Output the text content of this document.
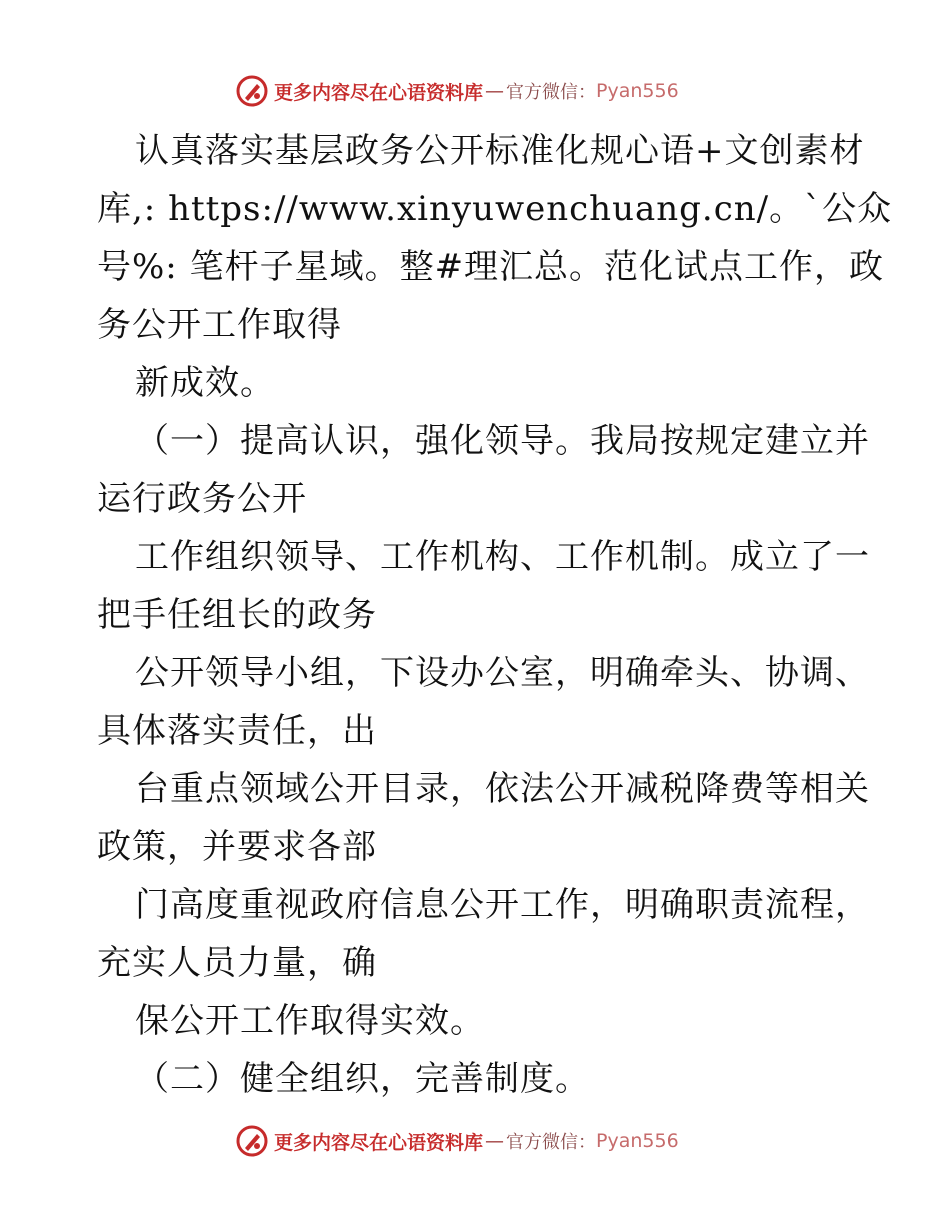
更多内容尽在心语资料库 — 官方微信： Pyan556
认真落实基层政务公开标准化规心语+文创素材
库,: https://www.xinyuwenchuang.cn/。`公众
号%: 笔杆子星域。整#理汇总。范化试点工作，政
务公开工作取得
新成效。
（一）提高认识，强化领导。我局按规定建立并
运行政务公开
工作组织领导、工作机构、工作机制。成立了一
把手任组长的政务
公开领导小组，下设办公室，明确牵头、协调、
具体落实责任，出
台重点领域公开目录，依法公开减税降费等相关
政策，并要求各部
门高度重视政府信息公开工作，明确职责流程，
充实人员力量，确
保公开工作取得实效。
（二）健全组织，完善制度。
更多内容尽在心语资料库 — 官方微信： Pyan556
